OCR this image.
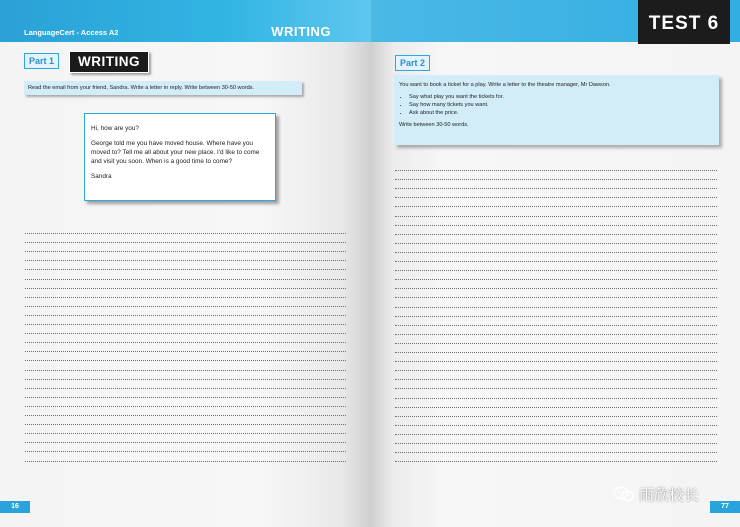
LanguageCert - Access A2	WRITING
Part 1	WRITING
Read the email from your friend, Sandra. Write a letter in reply. Write between 30-50 words.

Hi, how are you?

George told me you have moved house. Where have you moved to? Tell me all about your new place. I'd like to come and visit you soon. When is a good time to come?

Sandra

16
TEST 6
Part 2
77

You want to book a ticket for a play. Write a letter to the theatre manager, Mr Dawson.

• Say what play you want the tickets for.
• Say how many tickets you want.
• Ask about the price.

Write between 30-50 words.

雨欣校长
